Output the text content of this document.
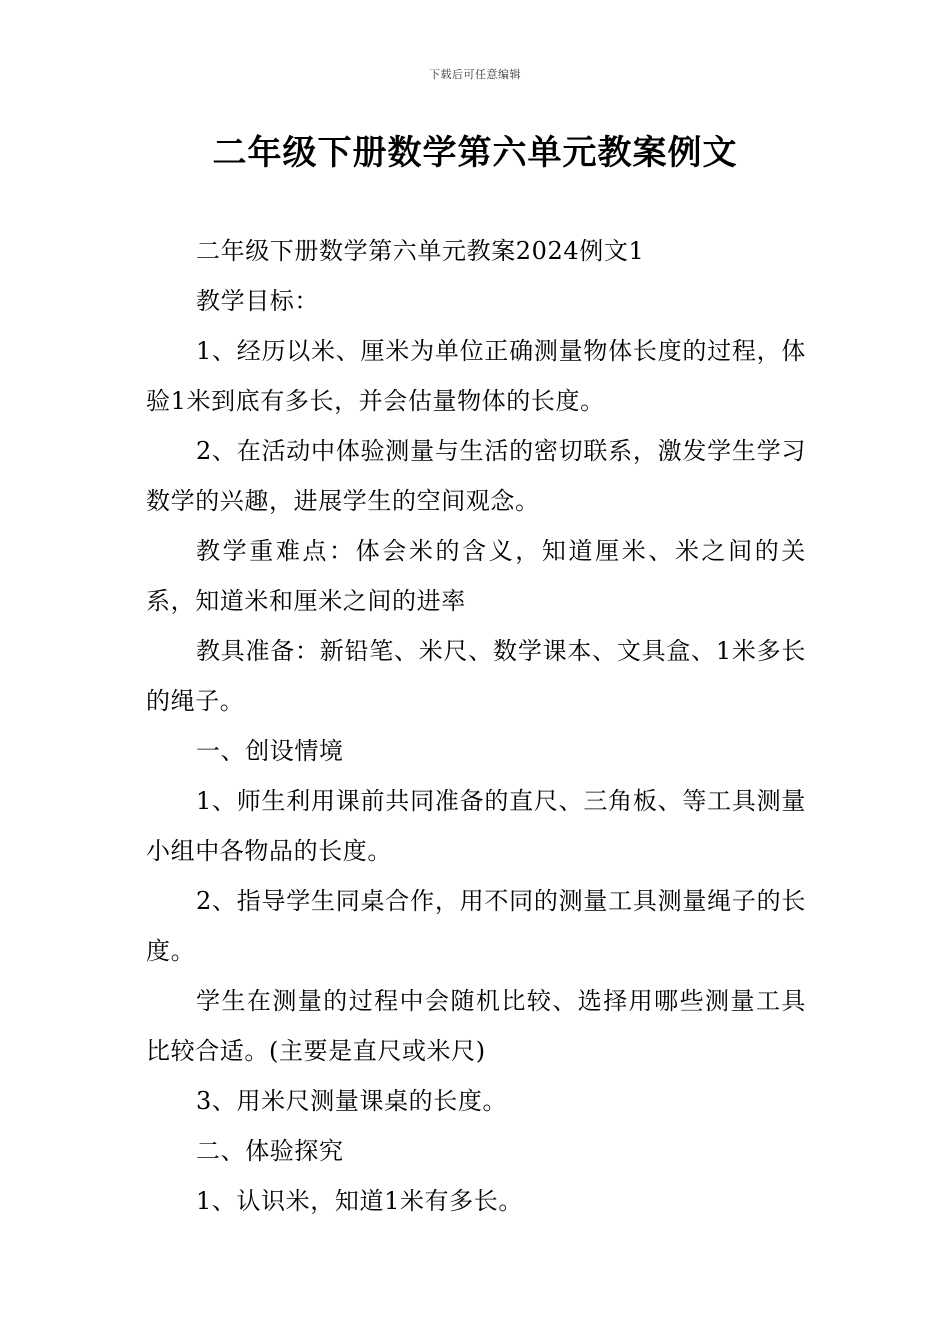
下载后可任意编辑
二年级下册数学第六单元教案例文

二年级下册数学第六单元教案2024例文1

教学目标：

1、经历以米、厘米为单位正确测量物体长度的过程，体验1米到底有多长，并会估量物体的长度。

2、在活动中体验测量与生活的密切联系，激发学生学习数学的兴趣，进展学生的空间观念。

教学重难点：体会米的含义，知道厘米、米之间的关系，知道米和厘米之间的进率

教具准备：新铅笔、米尺、数学课本、文具盒、1米多长的绳子。

一、创设情境

1、师生利用课前共同准备的直尺、三角板、等工具测量小组中各物品的长度。

2、指导学生同桌合作，用不同的测量工具测量绳子的长度。

学生在测量的过程中会随机比较、选择用哪些测量工具比较合适。(主要是直尺或米尺)

3、用米尺测量课桌的长度。

二、体验探究

1、认识米，知道1米有多长。
